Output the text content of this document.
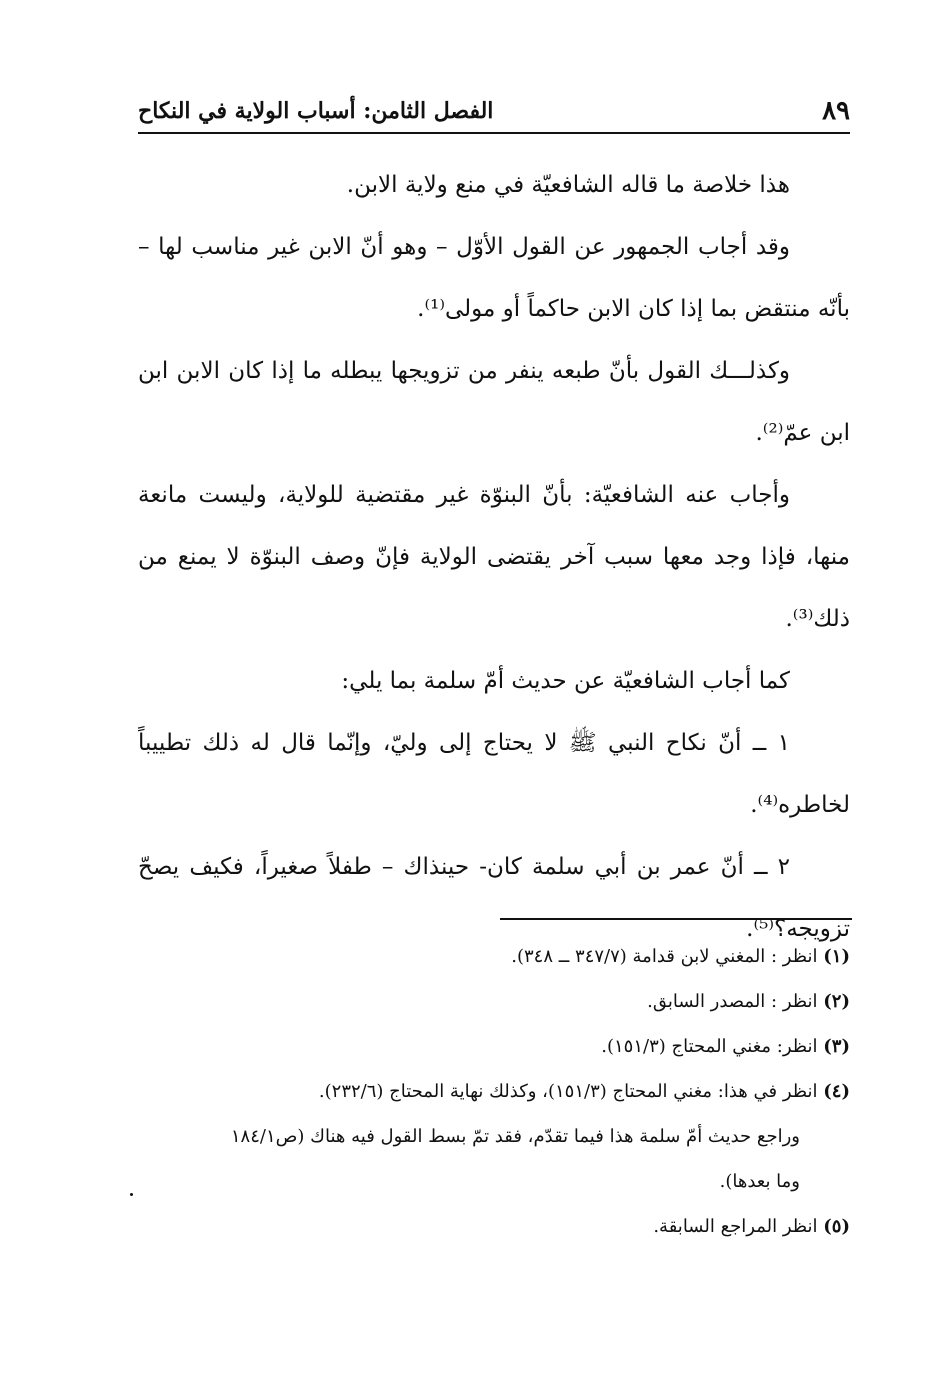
٨٩
الفصل الثامن: أسباب الولاية في النكاح

هذا خلاصة ما قاله الشافعيّة في منع ولاية الابن.

وقد أجاب الجمهور عن القول الأوّل – وهو أنّ الابن غير مناسب لها – بأنّه منتقض بما إذا كان الابن حاكماً أو مولى⁽¹⁾.

وكذلـــك القول بأنّ طبعه ينفر من تزويجها يبطله ما إذا كان الابن ابن ابن عمّ⁽²⁾.

وأجاب عنه الشافعيّة: بأنّ البنوّة غير مقتضية للولاية، وليست مانعة منها، فإذا وجد معها سبب آخر يقتضى الولاية فإنّ وصف البنوّة لا يمنع من ذلك⁽³⁾.

كما أجاب الشافعيّة عن حديث أمّ سلمة بما يلي:

١ ــ أنّ نكاح النبي ﷺ لا يحتاج إلى وليّ، وإنّما قال له ذلك تطييباً لخاطره⁽⁴⁾.

٢ ــ أنّ عمر بن أبي سلمة كان- حينذاك – طفلاً صغيراً، فكيف يصحّ تزويجه؟⁽⁵⁾.

(١) انظر : المغني لابن قدامة (٣٤٧/٧ ــ ٣٤٨).

(٢) انظر : المصدر السابق.

(٣) انظر: مغني المحتاج (١٥١/٣).

(٤) انظر في هذا: مغني المحتاج (١٥١/٣)، وكذلك نهاية المحتاج (٢٣٢/٦).

وراجع حديث أمّ سلمة هذا فيما تقدّم، فقد تمّ بسط القول فيه هناك (ص١٨٤/١

وما بعدها).

(٥) انظر المراجع السابقة.
